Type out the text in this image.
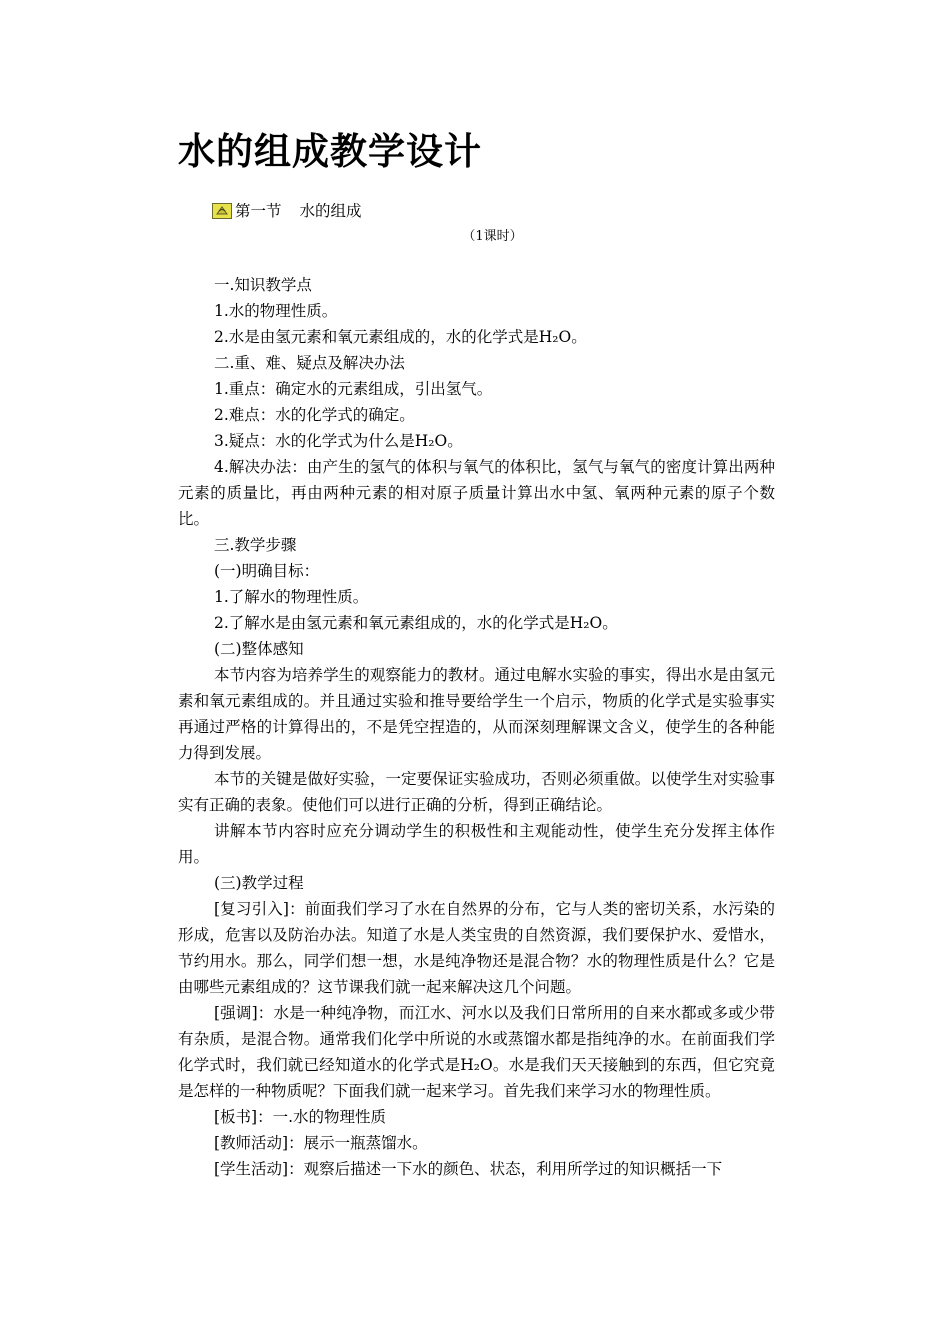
水的组成教学设计
第一节 水的组成
（1课时）

一.知识教学点

1.水的物理性质。

2.水是由氢元素和氧元素组成的，水的化学式是H₂O。

二.重、难、疑点及解决办法

1.重点：确定水的元素组成，引出氢气。

2.难点：水的化学式的确定。

3.疑点：水的化学式为什么是H₂O。

4.解决办法：由产生的氢气的体积与氧气的体积比，氢气与氧气的密度计算出两种元素的质量比，再由两种元素的相对原子质量计算出水中氢、氧两种元素的原子个数比。

三.教学步骤

(一)明确目标：

1.了解水的物理性质。

2.了解水是由氢元素和氧元素组成的，水的化学式是H₂O。

(二)整体感知

本节内容为培养学生的观察能力的教材。通过电解水实验的事实，得出水是由氢元素和氧元素组成的。并且通过实验和推导要给学生一个启示，物质的化学式是实验事实再通过严格的计算得出的，不是凭空捏造的，从而深刻理解课文含义，使学生的各种能力得到发展。

本节的关键是做好实验，一定要保证实验成功，否则必须重做。以使学生对实验事实有正确的表象。使他们可以进行正确的分析，得到正确结论。

讲解本节内容时应充分调动学生的积极性和主观能动性，使学生充分发挥主体作用。

(三)教学过程

[复习引入]：前面我们学习了水在自然界的分布，它与人类的密切关系，水污染的形成，危害以及防治办法。知道了水是人类宝贵的自然资源，我们要保护水、爱惜水，节约用水。那么，同学们想一想，水是纯净物还是混合物？水的物理性质是什么？它是由哪些元素组成的？这节课我们就一起来解决这几个问题。

[强调]：水是一种纯净物，而江水、河水以及我们日常所用的自来水都或多或少带有杂质，是混合物。通常我们化学中所说的水或蒸馏水都是指纯净的水。在前面我们学化学式时，我们就已经知道水的化学式是H₂O。水是我们天天接触到的东西，但它究竟是怎样的一种物质呢？下面我们就一起来学习。首先我们来学习水的物理性质。

[板书]：一.水的物理性质

[教师活动]：展示一瓶蒸馏水。

[学生活动]：观察后描述一下水的颜色、状态，利用所学过的知识概括一下
